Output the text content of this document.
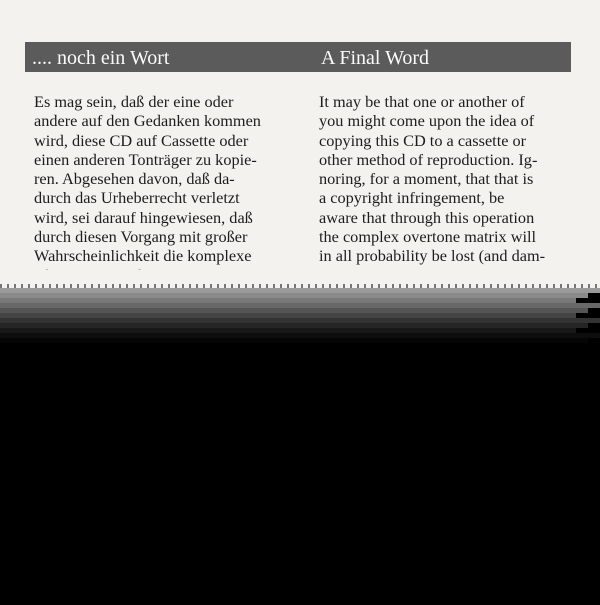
.... noch ein Wort	A Final Word
Es mag sein, daß der eine oder
andere auf den Gedanken kommen
wird, diese CD auf Cassette oder
einen anderen Tonträger zu kopie-
ren. Abgesehen davon, daß da-
durch das Urheberrecht verletzt
wird, sei darauf hingewiesen, daß
durch diesen Vorgang mit großer
Wahrscheinlichkeit die komplexe
It may be that one or another of
you might come upon the idea of
copying this CD to a cassette or
other method of reproduction. Ig-
noring, for a moment, that that is
a copyright infringement, be
aware that through this operation
the complex overtone matrix will
in all probability be lost (and dam-
